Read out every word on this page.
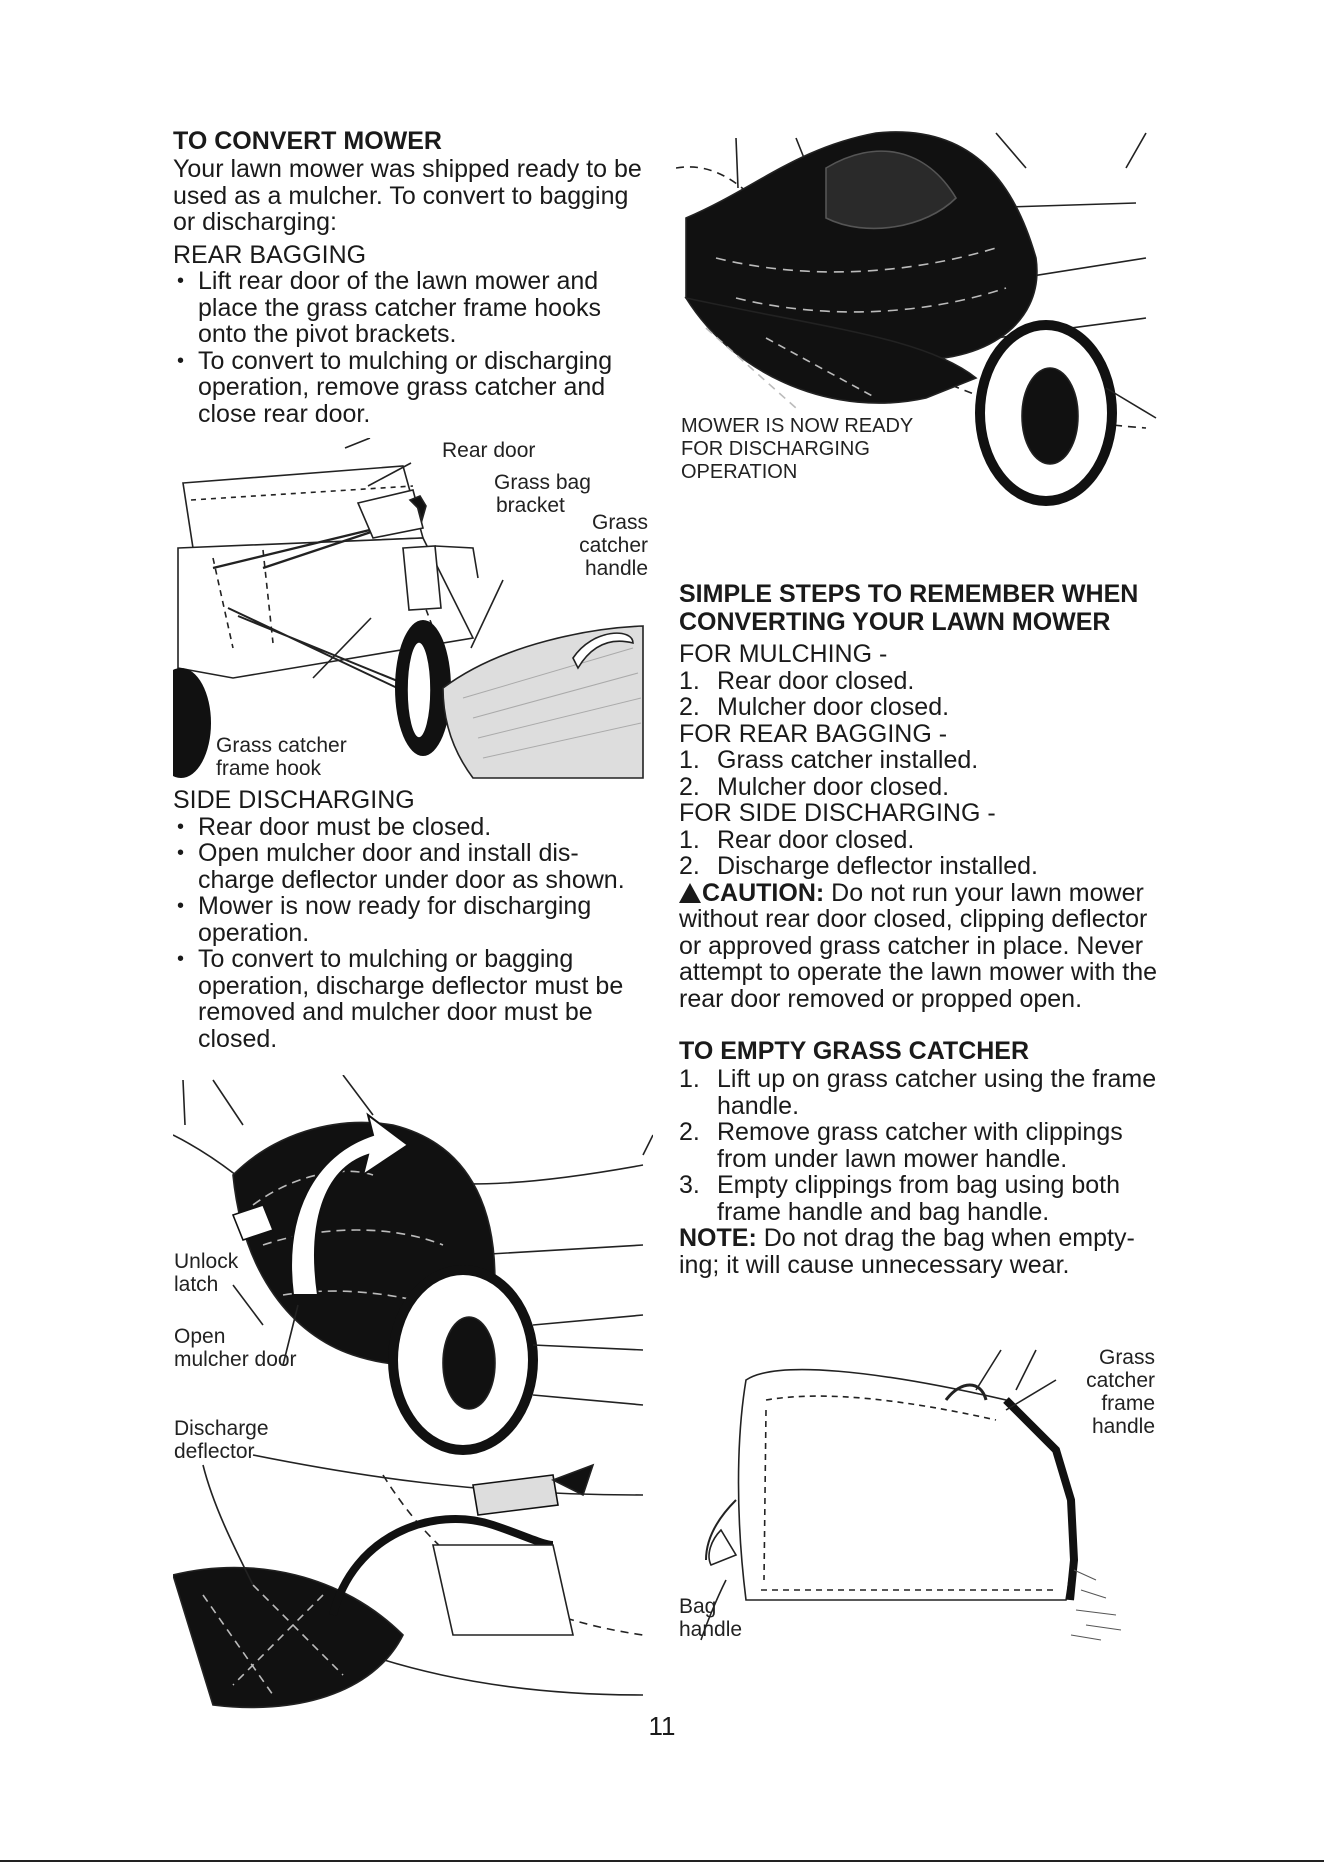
TO CONVERT MOWER

Your lawn mower was shipped ready to be used as a mulcher. To convert to bagging or discharging:

REAR BAGGING

• Lift rear door of the lawn mower and place the grass catcher frame hooks onto the pivot brackets.
• To convert to mulching or discharging operation, remove grass catcher and close rear door.

SIDE DISCHARGING

• Rear door must be closed.
• Open mulcher door and install dis-charge deflector under door as shown.
• Mower is now ready for discharging operation.
• To convert to mulching or bagging operation, discharge deflector must be removed and mulcher door must be closed.
Rear door
Grass bag
bracket
Grass
catcher
handle
Grass catcher
frame hook
MOWER IS NOW READY
FOR DISCHARGING
OPERATION
Unlock
latch
Open
mulcher door
Discharge
deflector
SIMPLE STEPS TO REMEMBER WHEN
CONVERTING YOUR LAWN MOWER

FOR MULCHING -

1. Rear door closed.
2. Mulcher door closed.

FOR REAR BAGGING -

1. Grass catcher installed.
2. Mulcher door closed.

FOR SIDE DISCHARGING -

1. Rear door closed.
2. Discharge deflector installed.

CAUTION: Do not run your lawn mower without rear door closed, clipping deflector or approved grass catcher in place. Never attempt to operate the lawn mower with the rear door removed or propped open.

TO EMPTY GRASS CATCHER
1. Lift up on grass catcher using the frame handle.
2. Remove grass catcher with clippings from under lawn mower handle.
3. Empty clippings from bag using both frame handle and bag handle.

NOTE: Do not drag the bag when empty-ing; it will cause unnecessary wear.

Grass
catcher
frame
handle
Bag
handle
11
